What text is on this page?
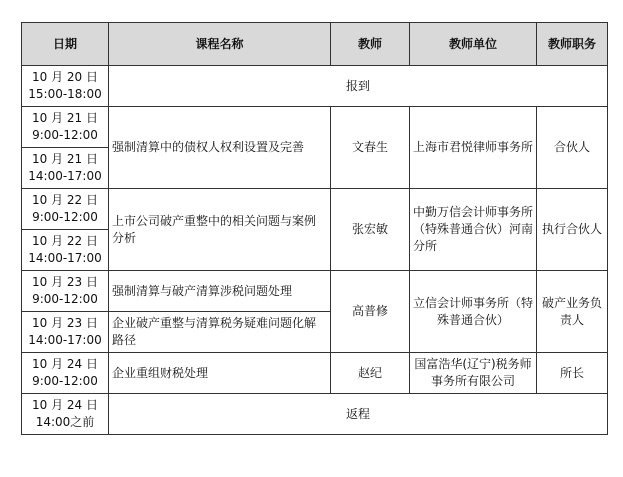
日期	课程名称	教师	教师单位	教师职务

10 月 20 日
15:00-18:00	报到			

10 月 21 日
9:00-12:00	强制清算中的债权人权利设置及完善	文春生	上海市君悦律师事务所	合伙人

10 月 21 日
14:00-17:00				

10 月 22 日
9:00-12:00	上市公司破产重整中的相关问题与案例分析	张宏敏	中勤万信会计师事务所（特殊普通合伙）河南分所	执行合伙人

10 月 22 日
14:00-17:00				

10 月 23 日
9:00-12:00	强制清算与破产清算涉税问题处理	高普修	立信会计师事务所（特殊普通合伙）	破产业务负责人

10 月 23 日
14:00-17:00	企业破产重整与清算税务疑难问题化解路径			

10 月 24 日
9:00-12:00	企业重组财税处理	赵纪	国富浩华(辽宁)税务师事务所有限公司	所长

10 月 24 日
14:00之前	返程			
